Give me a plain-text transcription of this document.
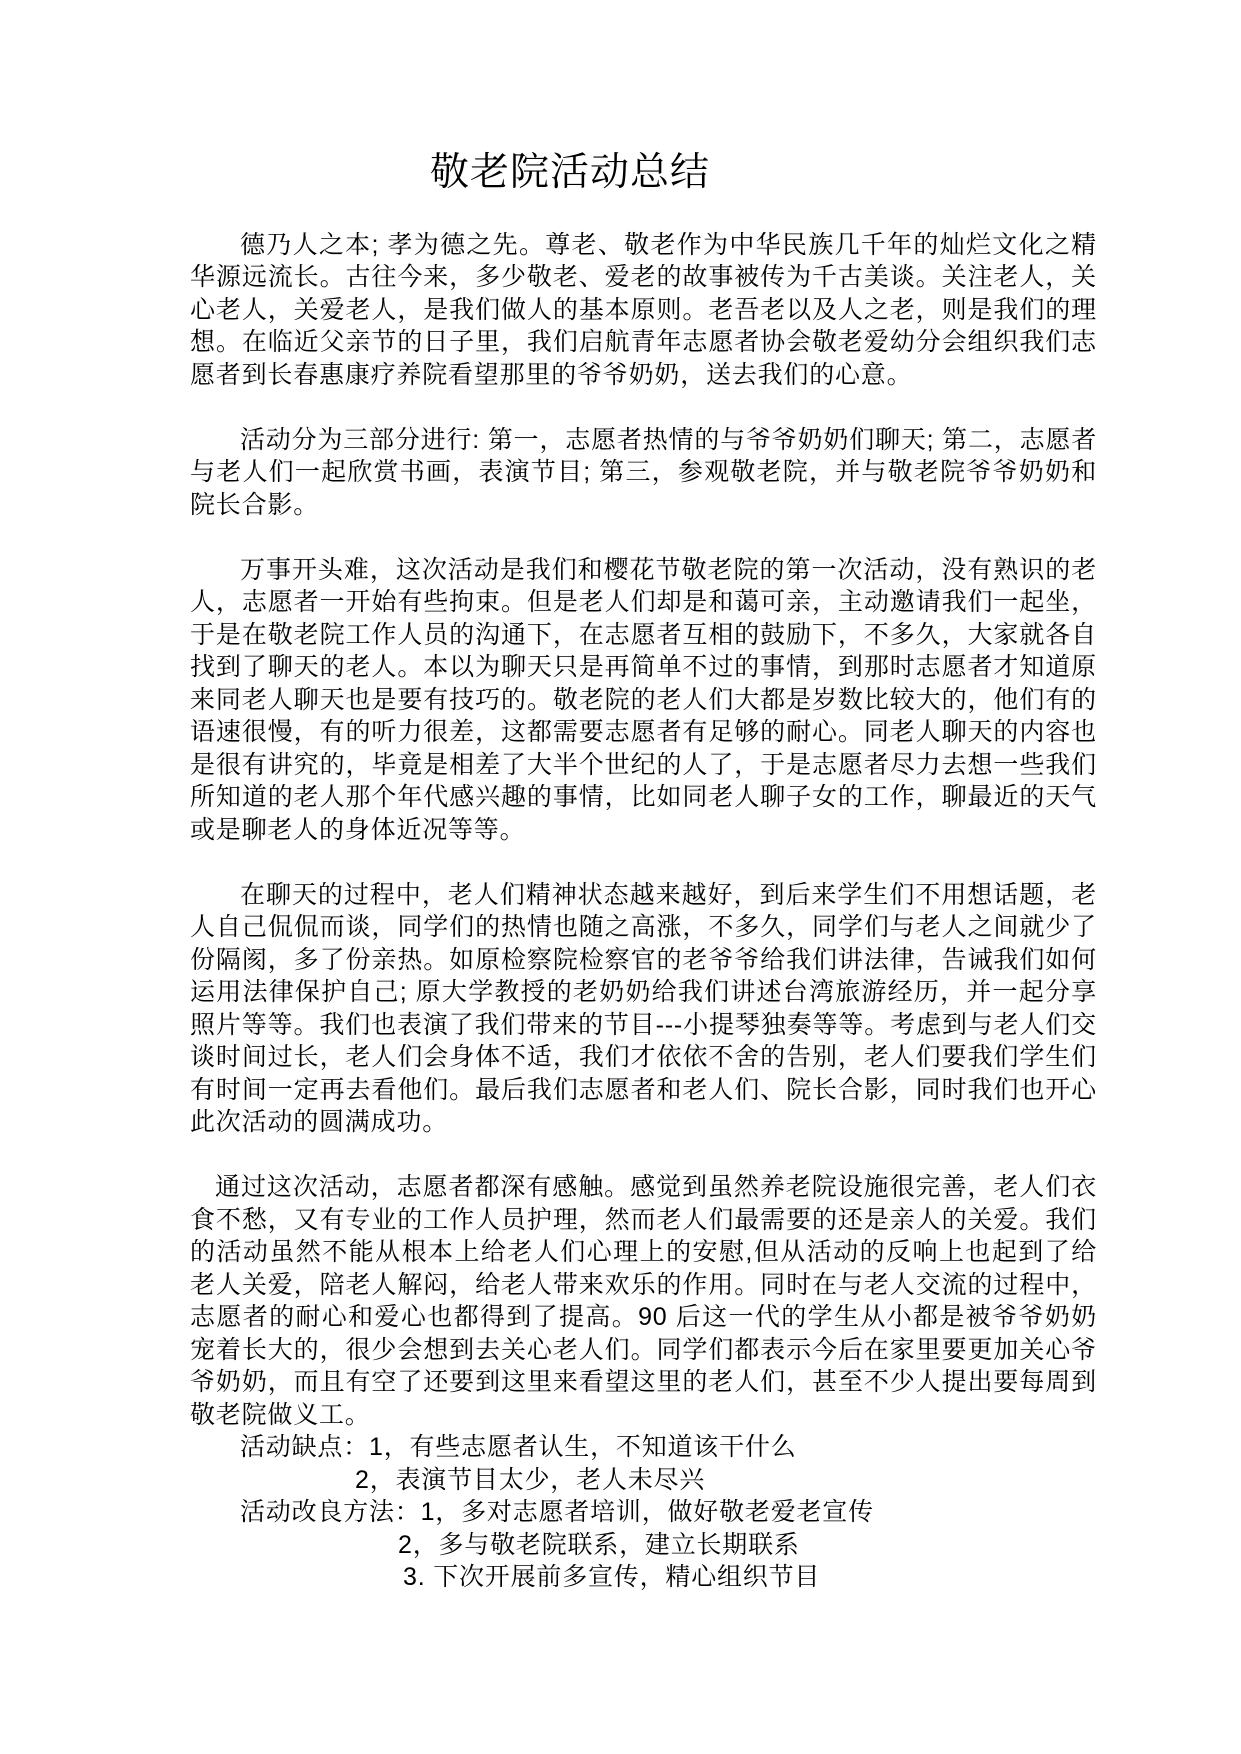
敬老院活动总结

德乃人之本; 孝为德之先。尊老、敬老作为中华民族几千年的灿烂文化之精华源远流长。古往今来，多少敬老、爱老的故事被传为千古美谈。关注老人，关心老人，关爱老人，是我们做人的基本原则。老吾老以及人之老，则是我们的理想。在临近父亲节的日子里，我们启航青年志愿者协会敬老爱幼分会组织我们志愿者到长春惠康疗养院看望那里的爷爷奶奶，送去我们的心意。

活动分为三部分进行: 第一，志愿者热情的与爷爷奶奶们聊天; 第二，志愿者与老人们一起欣赏书画，表演节目; 第三，参观敬老院，并与敬老院爷爷奶奶和院长合影。

万事开头难，这次活动是我们和樱花节敬老院的第一次活动，没有熟识的老人，志愿者一开始有些拘束。但是老人们却是和蔼可亲，主动邀请我们一起坐，于是在敬老院工作人员的沟通下，在志愿者互相的鼓励下，不多久，大家就各自找到了聊天的老人。本以为聊天只是再简单不过的事情，到那时志愿者才知道原来同老人聊天也是要有技巧的。敬老院的老人们大都是岁数比较大的，他们有的语速很慢，有的听力很差，这都需要志愿者有足够的耐心。同老人聊天的内容也是很有讲究的，毕竟是相差了大半个世纪的人了，于是志愿者尽力去想一些我们所知道的老人那个年代感兴趣的事情，比如同老人聊子女的工作，聊最近的天气或是聊老人的身体近况等等。

在聊天的过程中，老人们精神状态越来越好，到后来学生们不用想话题，老人自己侃侃而谈，同学们的热情也随之高涨，不多久，同学们与老人之间就少了份隔阂，多了份亲热。如原检察院检察官的老爷爷给我们讲法律，告诫我们如何运用法律保护自己; 原大学教授的老奶奶给我们讲述台湾旅游经历，并一起分享照片等等。我们也表演了我们带来的节目---小提琴独奏等等。考虑到与老人们交谈时间过长，老人们会身体不适，我们才依依不舍的告别，老人们要我们学生们有时间一定再去看他们。最后我们志愿者和老人们、院长合影，同时我们也开心此次活动的圆满成功。

通过这次活动，志愿者都深有感触。感觉到虽然养老院设施很完善，老人们衣食不愁，又有专业的工作人员护理，然而老人们最需要的还是亲人的关爱。我们的活动虽然不能从根本上给老人们心理上的安慰,但从活动的反响上也起到了给老人关爱，陪老人解闷，给老人带来欢乐的作用。同时在与老人交流的过程中，志愿者的耐心和爱心也都得到了提高。90 后这一代的学生从小都是被爷爷奶奶宠着长大的，很少会想到去关心老人们。同学们都表示今后在家里要更加关心爷爷奶奶，而且有空了还要到这里来看望这里的老人们，甚至不少人提出要每周到敬老院做义工。

活动缺点：1，有些志愿者认生，不知道该干什么
2，表演节目太少，老人未尽兴
活动改良方法：1，多对志愿者培训，做好敬老爱老宣传
2，多与敬老院联系，建立长期联系
3. 下次开展前多宣传，精心组织节目
